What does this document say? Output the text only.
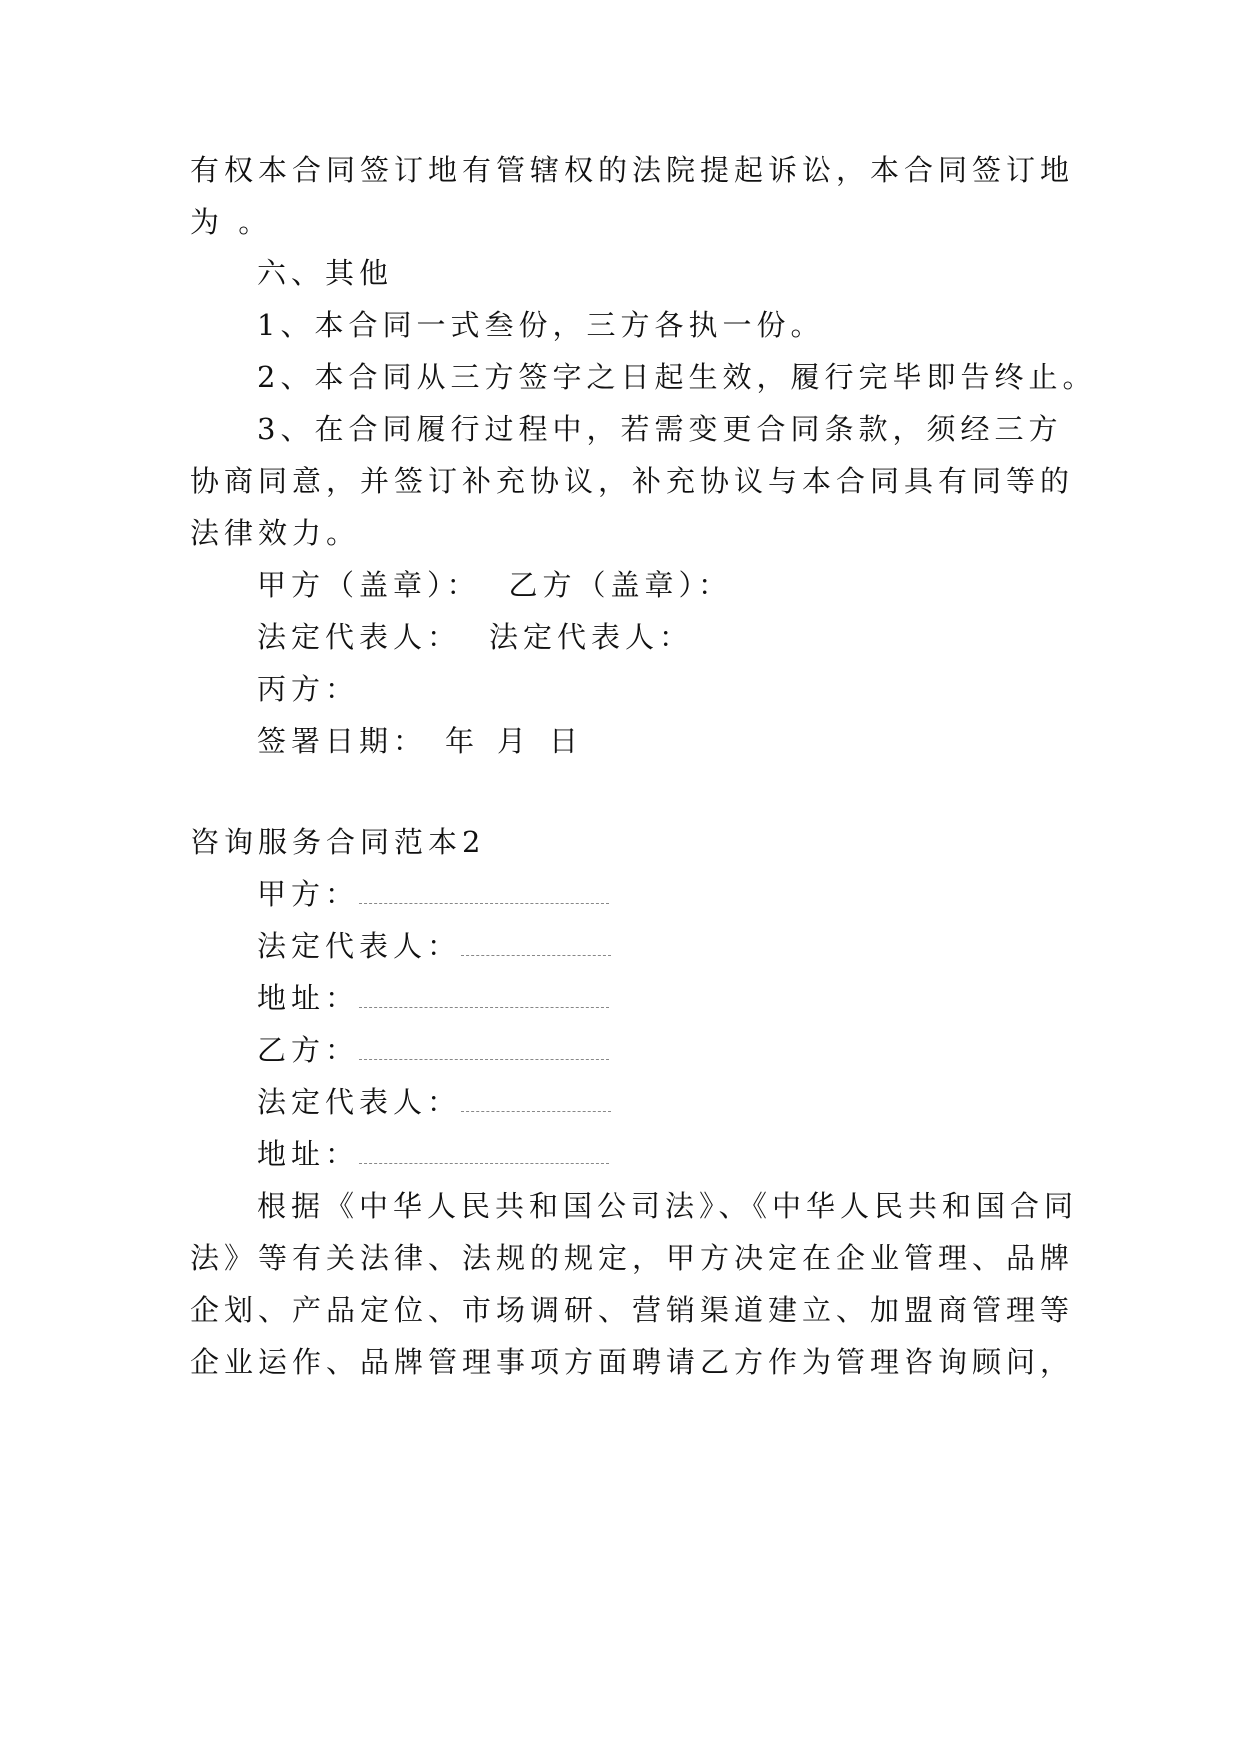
有权本合同签订地有管辖权的法院提起诉讼，本合同签订地
为 。
六、其他
1、本合同一式叁份，三方各执一份。
2、本合同从三方签字之日起生效，履行完毕即告终止。
3、在合同履行过程中，若需变更合同条款，须经三方
协商同意，并签订补充协议，补充协议与本合同具有同等的
法律效力。
甲方（盖章）： 乙方（盖章）：
法定代表人： 法定代表人：
丙方：
签署日期： 年 月 日
咨询服务合同范本2
甲方：
法定代表人：
地址：
乙方：
法定代表人：
地址：
根据《中华人民共和国公司法》、《中华人民共和国合同
法》等有关法律、法规的规定，甲方决定在企业管理、品牌
企划、产品定位、市场调研、营销渠道建立、加盟商管理等
企业运作、品牌管理事项方面聘请乙方作为管理咨询顾问，
